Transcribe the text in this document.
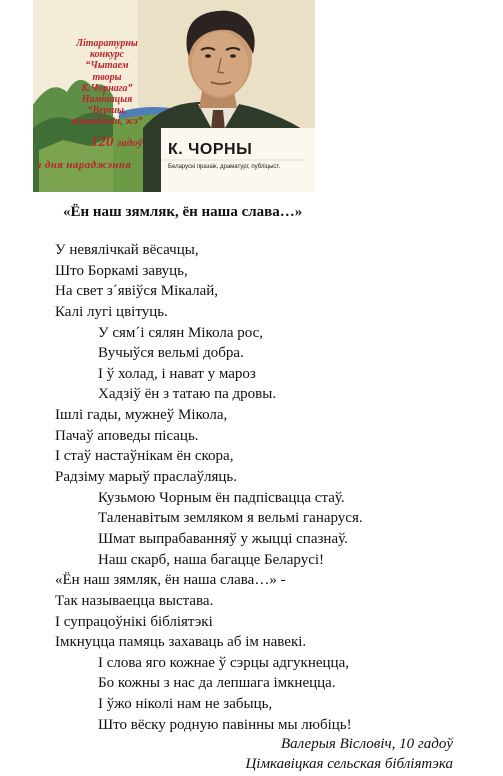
Літаратурны
конкурс
“Чытаем
творы
К.Чорнага”
Намінацыя
“Вершы,
апавяданні, эсэ”
120 гадоў
з дня нараджэння
К. ЧОРНЫ
Беларускі празаік, драматург, публіцыст.
«Ён наш зямляк, ён наша слава…»
У невялічкай вёсачцы,
Што Боркамі завуць,
На свет з´явіўся Мікалай,
Калі лугі цвітуць.
У сям´і сялян Мікола рос,
Вучыўся вельмі добра.
І ў холад, і нават у мароз
Хадзіў ён з татаю па дровы.
Ішлі гады, мужнеў Мікола,
Пачаў аповеды пісаць.
І стаў настаўнікам ён скора,
Радзіму марыў праслаўляць.
Кузьмою Чорным ён падпісвацца стаў.
Таленавітым земляком я вельмі ганаруся.
Шмат выпрабаванняў у жыцці спазнаў.
Наш скарб, наша багацце Беларусі!
«Ён наш зямляк, ён наша слава…» -
Так называецца выстава.
І супрацоўнікі бібліятэкі
Імкнуцца памяць захаваць аб ім навекі.
І слова яго кожнае ў сэрцы адгукнецца,
Бо кожны з нас да лепшага імкнецца.
І ўжо ніколі нам не забыць,
Што вёску родную павінны мы любіць!
Валерыя Вісловіч, 10 гадоў
Цімкавіцкая сельская бібліятэка
